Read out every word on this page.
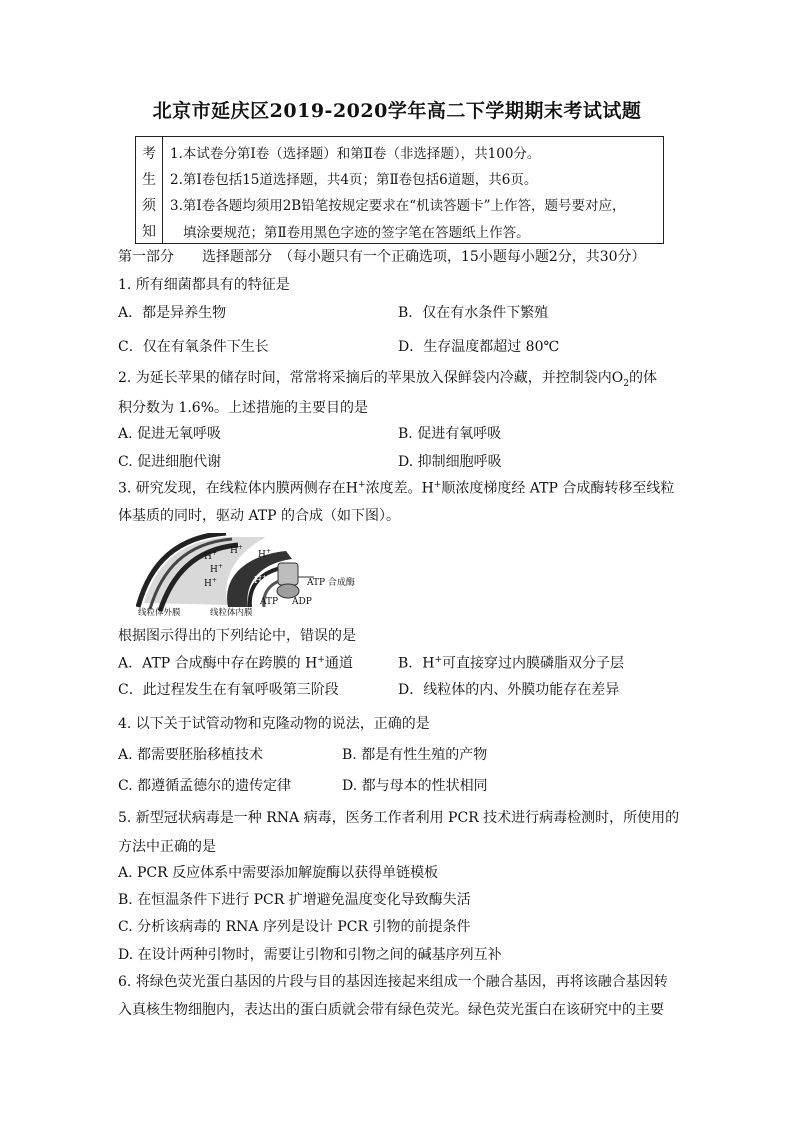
北京市延庆区2019-2020学年高二下学期期末考试试题
考
生
须
知
1.本试卷分第Ⅰ卷（选择题）和第Ⅱ卷（非选择题），共100分。
2.第Ⅰ卷包括15道选择题，共4页；第Ⅱ卷包括6道题，共6页。
3.第Ⅰ卷各题均须用2B铅笔按规定要求在“机读答题卡”上作答，题号要对应，
填涂要规范；第Ⅱ卷用黑色字迹的签字笔在答题纸上作答。
第一部分　　选择题部分　（每小题只有一个正确选项，15小题每小题2分，共30分）
1. 所有细菌都具有的特征是
A．都是异养生物	B．仅在有水条件下繁殖
C．仅在有氧条件下生长	D．生存温度都超过 80℃
2. 为延长苹果的储存时间，常常将采摘后的苹果放入保鲜袋内冷藏，并控制袋内$O_2$的体
积分数为 1.6%。上述措施的主要目的是
A. 促进无氧呼吸	B. 促进有氧呼吸
C. 促进细胞代谢	D. 抑制细胞呼吸
3. 研究发现，在线粒体内膜两侧存在H+浓度差。H+顺浓度梯度经 ATP 合成酶转移至线粒
体基质的同时，驱动 ATP 的合成（如下图）。
H+ H+
H+
H+
H+
H+
ATP 合成酶
ATP ADP
线粒体外膜	线粒体内膜
根据图示得出的下列结论中，错误的是
A．ATP 合成酶中存在跨膜的 H+通道	B．H+可直接穿过内膜磷脂双分子层
C．此过程发生在有氧呼吸第三阶段	D．线粒体的内、外膜功能存在差异
4. 以下关于试管动物和克隆动物的说法，正确的是
A. 都需要胚胎移植技术	B. 都是有性生殖的产物
C. 都遵循孟德尔的遗传定律	D. 都与母本的性状相同
5. 新型冠状病毒是一种 RNA 病毒，医务工作者利用 PCR 技术进行病毒检测时，所使用的
方法中正确的是
A. PCR 反应体系中需要添加解旋酶以获得单链模板
B. 在恒温条件下进行 PCR 扩增避免温度变化导致酶失活
C. 分析该病毒的 RNA 序列是设计 PCR 引物的前提条件
D. 在设计两种引物时，需要让引物和引物之间的碱基序列互补
6. 将绿色荧光蛋白基因的片段与目的基因连接起来组成一个融合基因，再将该融合基因转
入真核生物细胞内，表达出的蛋白质就会带有绿色荧光。绿色荧光蛋白在该研究中的主要
